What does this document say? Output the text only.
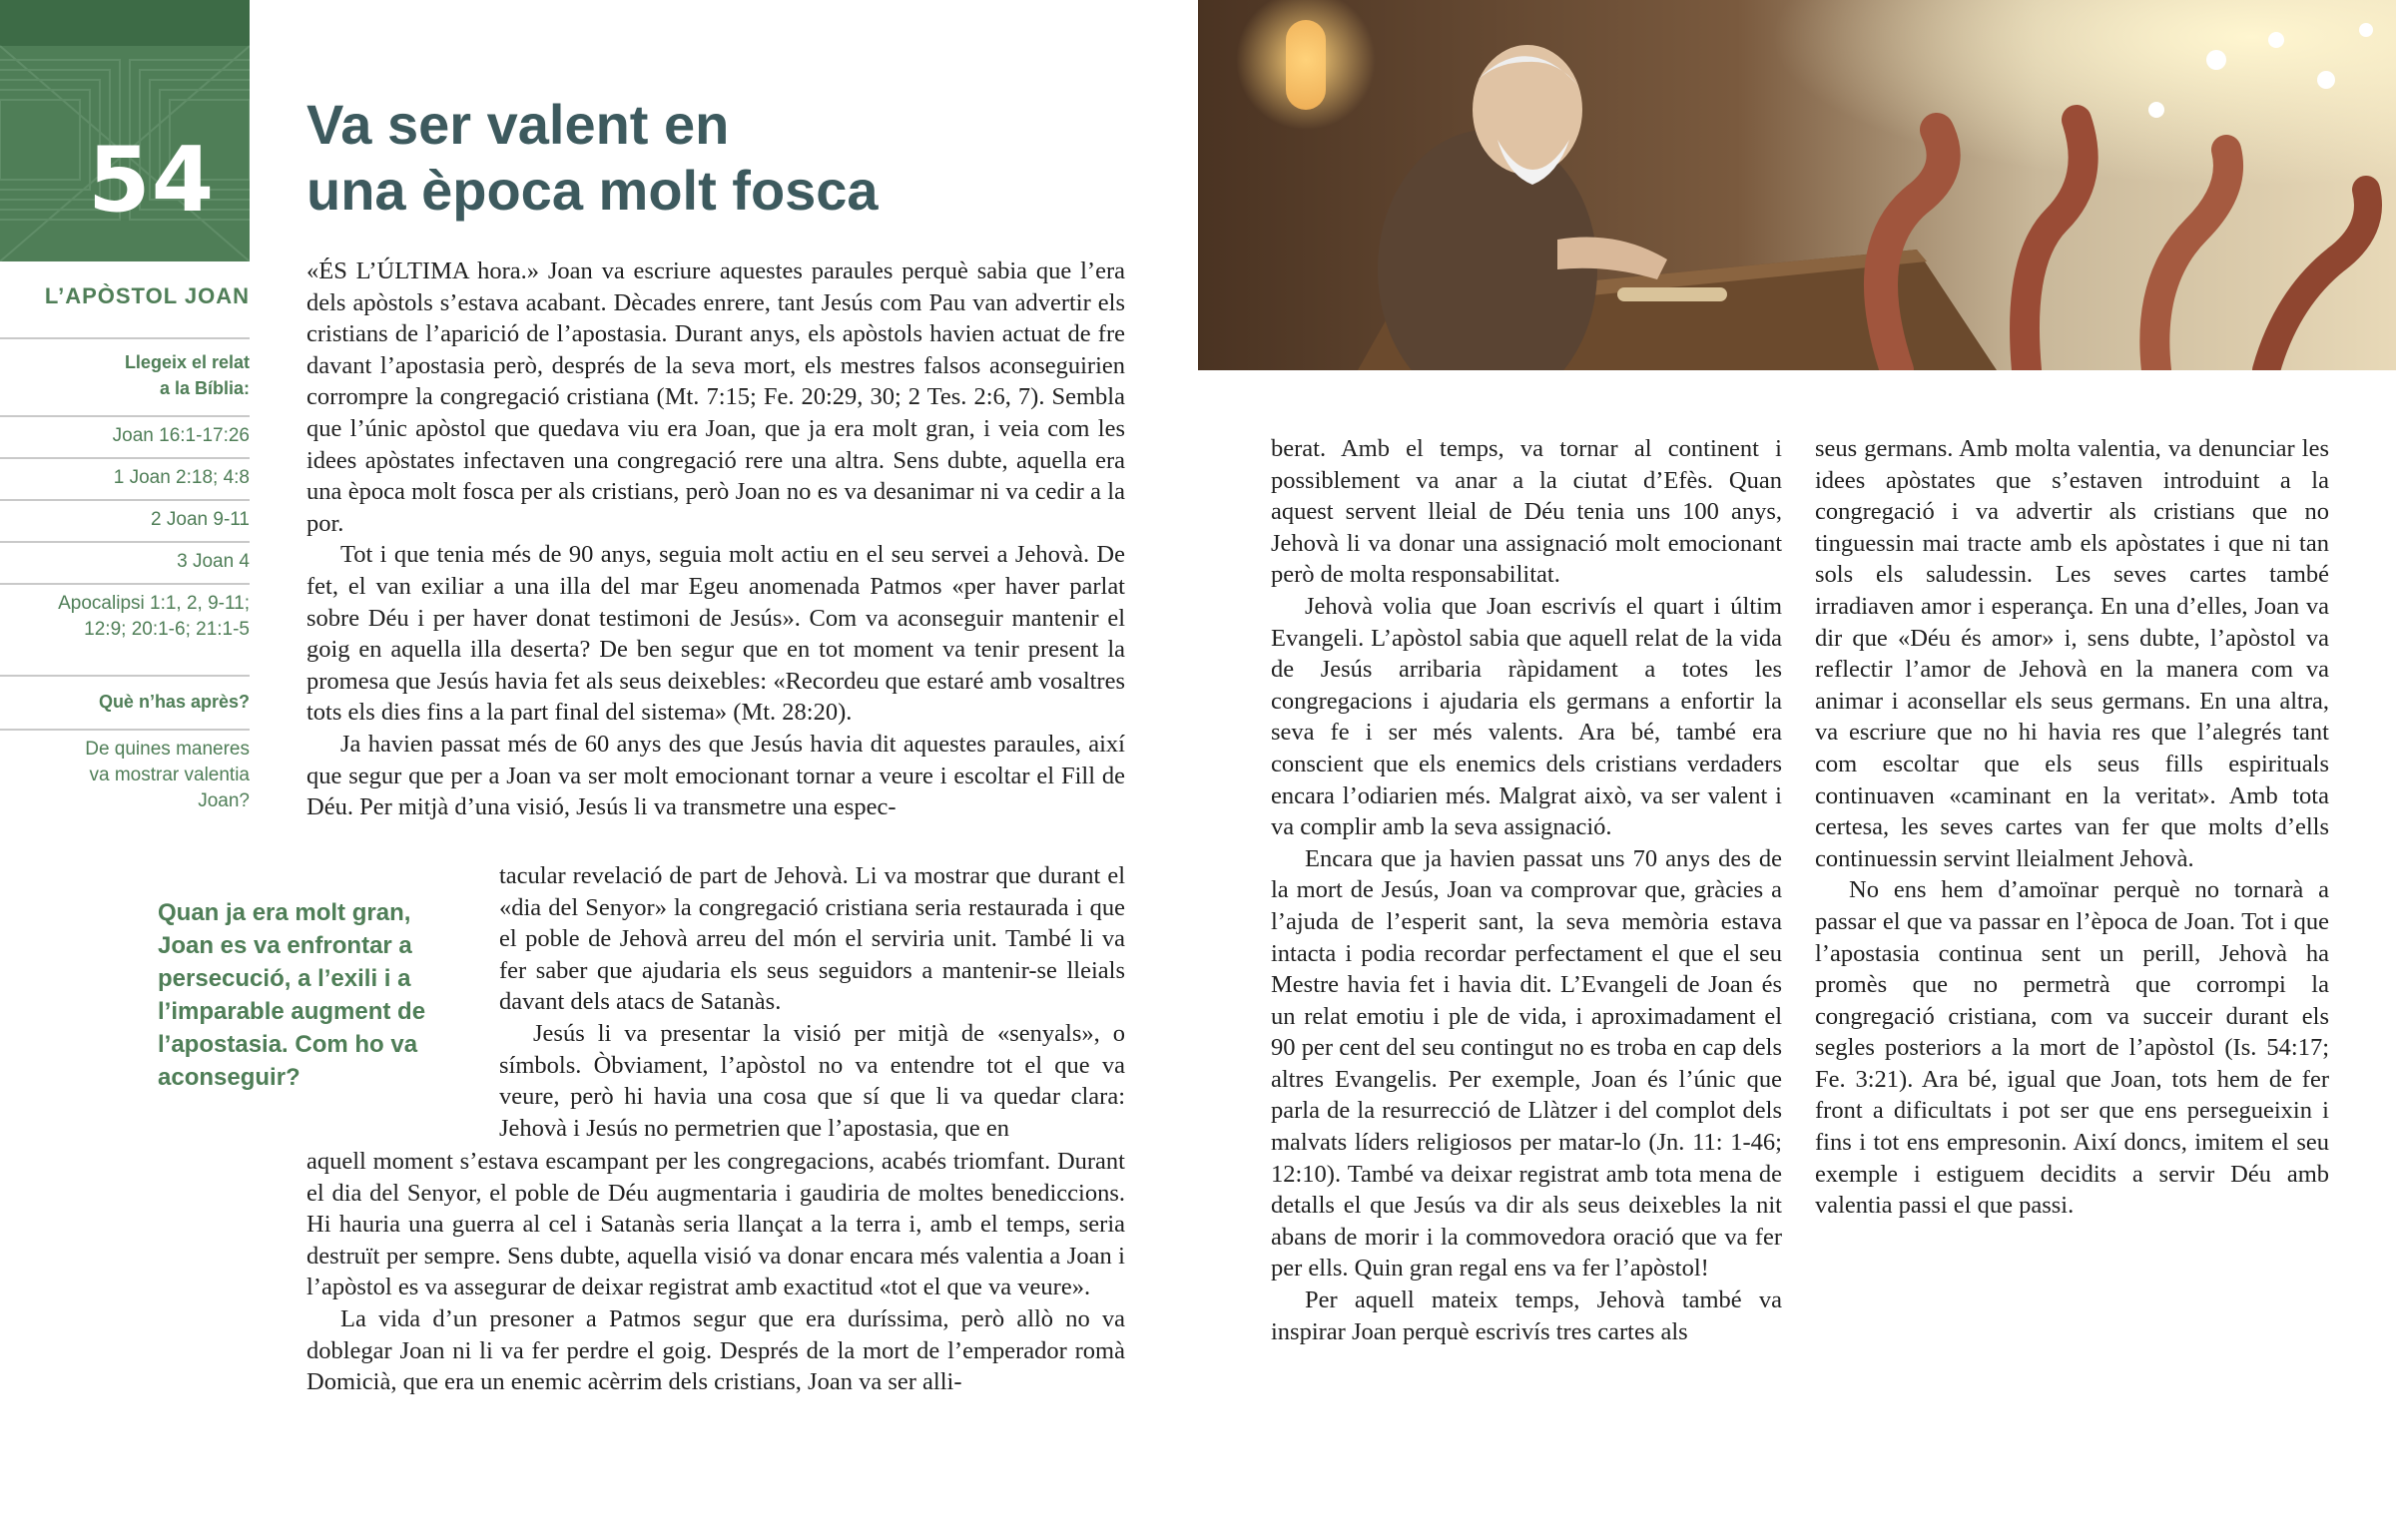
54
L’APÒSTOL JOAN
Llegeix el relat
a la Bíblia:
Joan 16:1-17:26
1 Joan 2:18; 4:8
2 Joan 9-11
3 Joan 4
Apocalipsi 1:1, 2, 9-11;
12:9; 20:1-6; 21:1-5
Què n’has après?
De quines maneres
va mostrar valentia
Joan?
Va ser valent en
una època molt fosca
Quan ja era molt gran, Joan es va enfrontar a persecució, a l’exili i a l’imparable augment de l’apostasia. Com ho va aconseguir?

«ÉS L’ÚLTIMA hora.» Joan va escriure aquestes paraules perquè sabia que l’era dels apòstols s’estava acabant. Dècades enrere, tant Jesús com Pau van advertir els cristians de l’aparició de l’apostasia. Durant anys, els apòstols havien actuat de fre davant l’apostasia però, després de la seva mort, els mestres falsos aconseguirien corrompre la congregació cristiana (Mt. 7:15; Fe. 20:29, 30; 2 Tes. 2:6, 7). Sembla que l’únic apòstol que quedava viu era Joan, que ja era molt gran, i veia com les idees apòstates infectaven una congregació rere una altra. Sens dubte, aquella era una època molt fosca per als cristians, però Joan no es va desanimar ni va cedir a la por.

Tot i que tenia més de 90 anys, seguia molt actiu en el seu servei a Jehovà. De fet, el van exiliar a una illa del mar Egeu anomenada Patmos «per haver parlat sobre Déu i per haver donat testimoni de Jesús». Com va aconseguir mantenir el goig en aquella illa deserta? De ben segur que en tot moment va tenir present la promesa que Jesús havia fet als seus deixebles: «Recordeu que estaré amb vosaltres tots els dies fins a la part final del sistema» (Mt. 28:20).

Ja havien passat més de 60 anys des que Jesús havia dit aquestes paraules, així que segur que per a Joan va ser molt emocionant tornar a veure i escoltar el Fill de Déu. Per mitjà d’una visió, Jesús li va transmetre una espec-

tacular revelació de part de Jehovà. Li va mostrar que durant el «dia del Senyor» la congregació cristiana seria restaurada i que el poble de Jehovà arreu del món el serviria unit. També li va fer saber que ajudaria els seus seguidors a mantenir-se lleials davant dels atacs de Satanàs.

Jesús li va presentar la visió per mitjà de «senyals», o símbols. Òbviament, l’apòstol no va entendre tot el que va veure, però hi havia una cosa que sí que li va quedar clara: Jehovà i Jesús no permetrien que l’apostasia, que en

aquell moment s’estava escampant per les congregacions, acabés triomfant. Durant el dia del Senyor, el poble de Déu augmentaria i gaudiria de moltes benediccions. Hi hauria una guerra al cel i Satanàs seria llançat a la terra i, amb el temps, seria destruït per sempre. Sens dubte, aquella visió va donar encara més valentia a Joan i l’apòstol es va assegurar de deixar registrat amb exactitud «tot el que va veure».

La vida d’un presoner a Patmos segur que era duríssima, però allò no va doblegar Joan ni li va fer perdre el goig. Després de la mort de l’emperador romà Domicià, que era un enemic acèrrim dels cristians, Joan va ser alli-

berat. Amb el temps, va tornar al continent i possiblement va anar a la ciutat d’Efès. Quan aquest servent lleial de Déu tenia uns 100 anys, Jehovà li va donar una assignació molt emocionant però de molta responsabilitat.

Jehovà volia que Joan escrivís el quart i últim Evangeli. L’apòstol sabia que aquell relat de la vida de Jesús arribaria ràpidament a totes les congregacions i ajudaria els germans a enfortir la seva fe i ser més valents. Ara bé, també era conscient que els enemics dels cristians verdaders encara l’odiarien més. Malgrat això, va ser valent i va complir amb la seva assignació.

Encara que ja havien passat uns 70 anys des de la mort de Jesús, Joan va comprovar que, gràcies a l’ajuda de l’esperit sant, la seva memòria estava intacta i podia recordar perfectament el que el seu Mestre havia fet i havia dit. L’Evangeli de Joan és un relat emotiu i ple de vida, i aproximadament el 90 per cent del seu contingut no es troba en cap dels altres Evangelis. Per exemple, Joan és l’únic que parla de la resurrecció de Llàtzer i del complot dels malvats líders religiosos per matar-lo (Jn. 11: 1-46; 12:10). També va deixar registrat amb tota mena de detalls el que Jesús va dir als seus deixebles la nit abans de morir i la commovedora oració que va fer per ells. Quin gran regal ens va fer l’apòstol!

Per aquell mateix temps, Jehovà també va inspirar Joan perquè escrivís tres cartes als

seus germans. Amb molta valentia, va denunciar les idees apòstates que s’estaven introduint a la congregació i va advertir als cristians que no tinguessin mai tracte amb els apòstates i que ni tan sols els saludessin. Les seves cartes també irradiaven amor i esperança. En una d’elles, Joan va dir que «Déu és amor» i, sens dubte, l’apòstol va reflectir l’amor de Jehovà en la manera com va animar i aconsellar els seus germans. En una altra, va escriure que no hi havia res que l’alegrés tant com escoltar que els seus fills espirituals continuaven «caminant en la veritat». Amb tota certesa, les seves cartes van fer que molts d’ells continuessin servint lleialment Jehovà.

No ens hem d’amoïnar perquè no tornarà a passar el que va passar en l’època de Joan. Tot i que l’apostasia continua sent un perill, Jehovà ha promès que no permetrà que corrompi la congregació cristiana, com va succeir durant els segles posteriors a la mort de l’apòstol (Is. 54:17; Fe. 3:21). Ara bé, igual que Joan, tots hem de fer front a dificultats i pot ser que ens persegueixin i fins i tot ens empresonin. Així doncs, imitem el seu exemple i estiguem decidits a servir Déu amb valentia passi el que passi.
